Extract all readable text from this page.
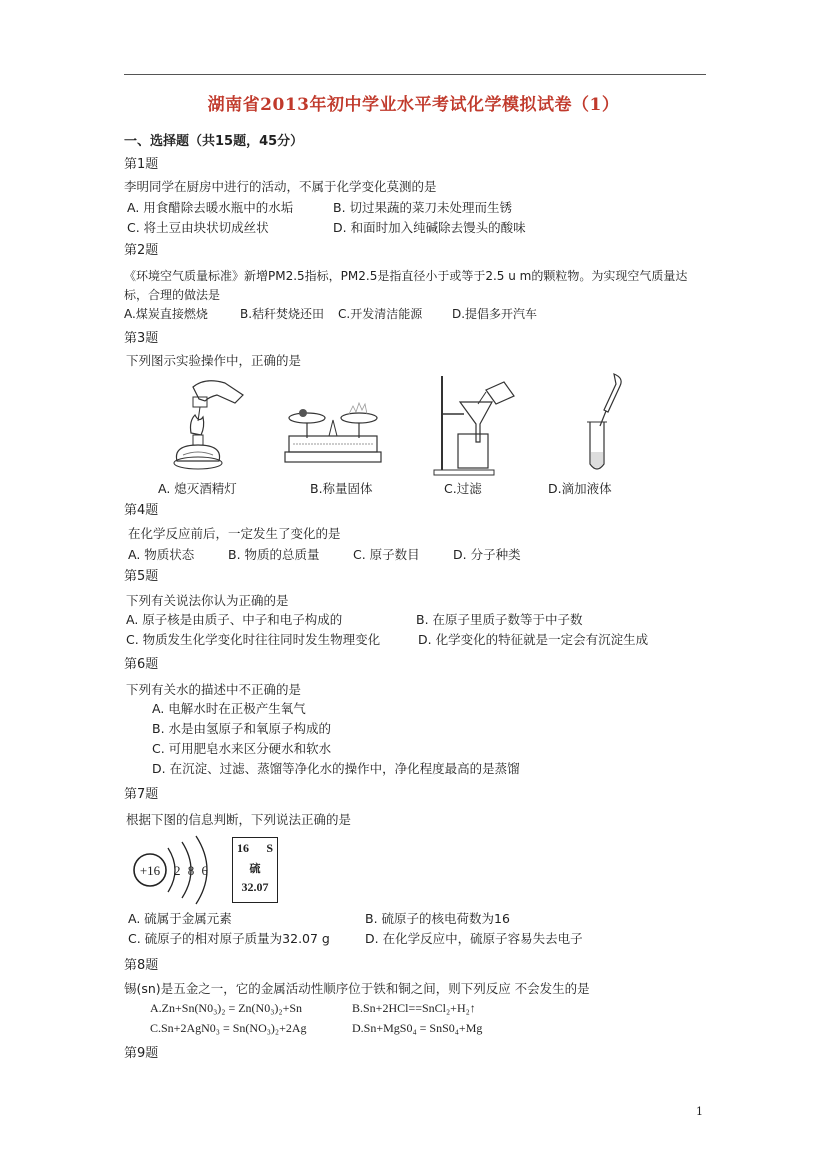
湖南省2013年初中学业水平考试化学模拟试卷（1）
一、选择题（共15题，45分）
第1题
李明同学在厨房中进行的活动，不属于化学变化莫测的是
A. 用食醋除去暖水瓶中的水垢	B. 切过果蔬的菜刀未处理而生锈
C. 将土豆由块状切成丝状	D. 和面时加入纯碱除去馒头的酸味
第2题
《环境空气质量标准》新增PM2.5指标，PM2.5是指直径小于或等于2.5 u m的颗粒物。为实现空气质量达
标，合理的做法是
A.煤炭直接燃烧	B.秸秆焚烧还田 C.开发清洁能源 D.提倡多开汽车
第3题
下列图示实验操作中，正确的是
A. 熄灭酒精灯	B.称量固体	C.过滤	D.滴加液体
第4题
在化学反应前后，一定发生了变化的是
A. 物质状态	B. 物质的总质量	C. 原子数目	D. 分子种类
第5题
下列有关说法你认为正确的是
A. 原子核是由质子、中子和电子构成的	B. 在原子里质子数等于中子数
C. 物质发生化学变化时往往同时发生物理变化	D. 化学变化的特征就是一定会有沉淀生成
第6题
下列有关水的描述中不正确的是
A. 电解水时在正极产生氧气
B. 水是由氢原子和氧原子构成的
C. 可用肥皂水来区分硬水和软水
D. 在沉淀、过滤、蒸馏等净化水的操作中，净化程度最高的是蒸馏
第7题
根据下图的信息判断，下列说法正确的是
+16 2 8 6
16 S
硫
32.07
A. 硫属于金属元素	B. 硫原子的核电荷数为16
C. 硫原子的相对原子质量为32.07 g	D. 在化学反应中，硫原子容易失去电子
第8题
锡(sn)是五金之一，它的金属活动性顺序位于铁和铜之间，则下列反应 不会发生的是
A.Zn+Sn(N0₃)₂ = Zn(N0₃)₂+Sn	B.Sn+2HCl==SnCl₂+H₂↑
C.Sn+2AgN0₃ = Sn(NO₃)₂+2Ag	D.Sn+MgS0₄ = SnS0₄+Mg
第9题
1
